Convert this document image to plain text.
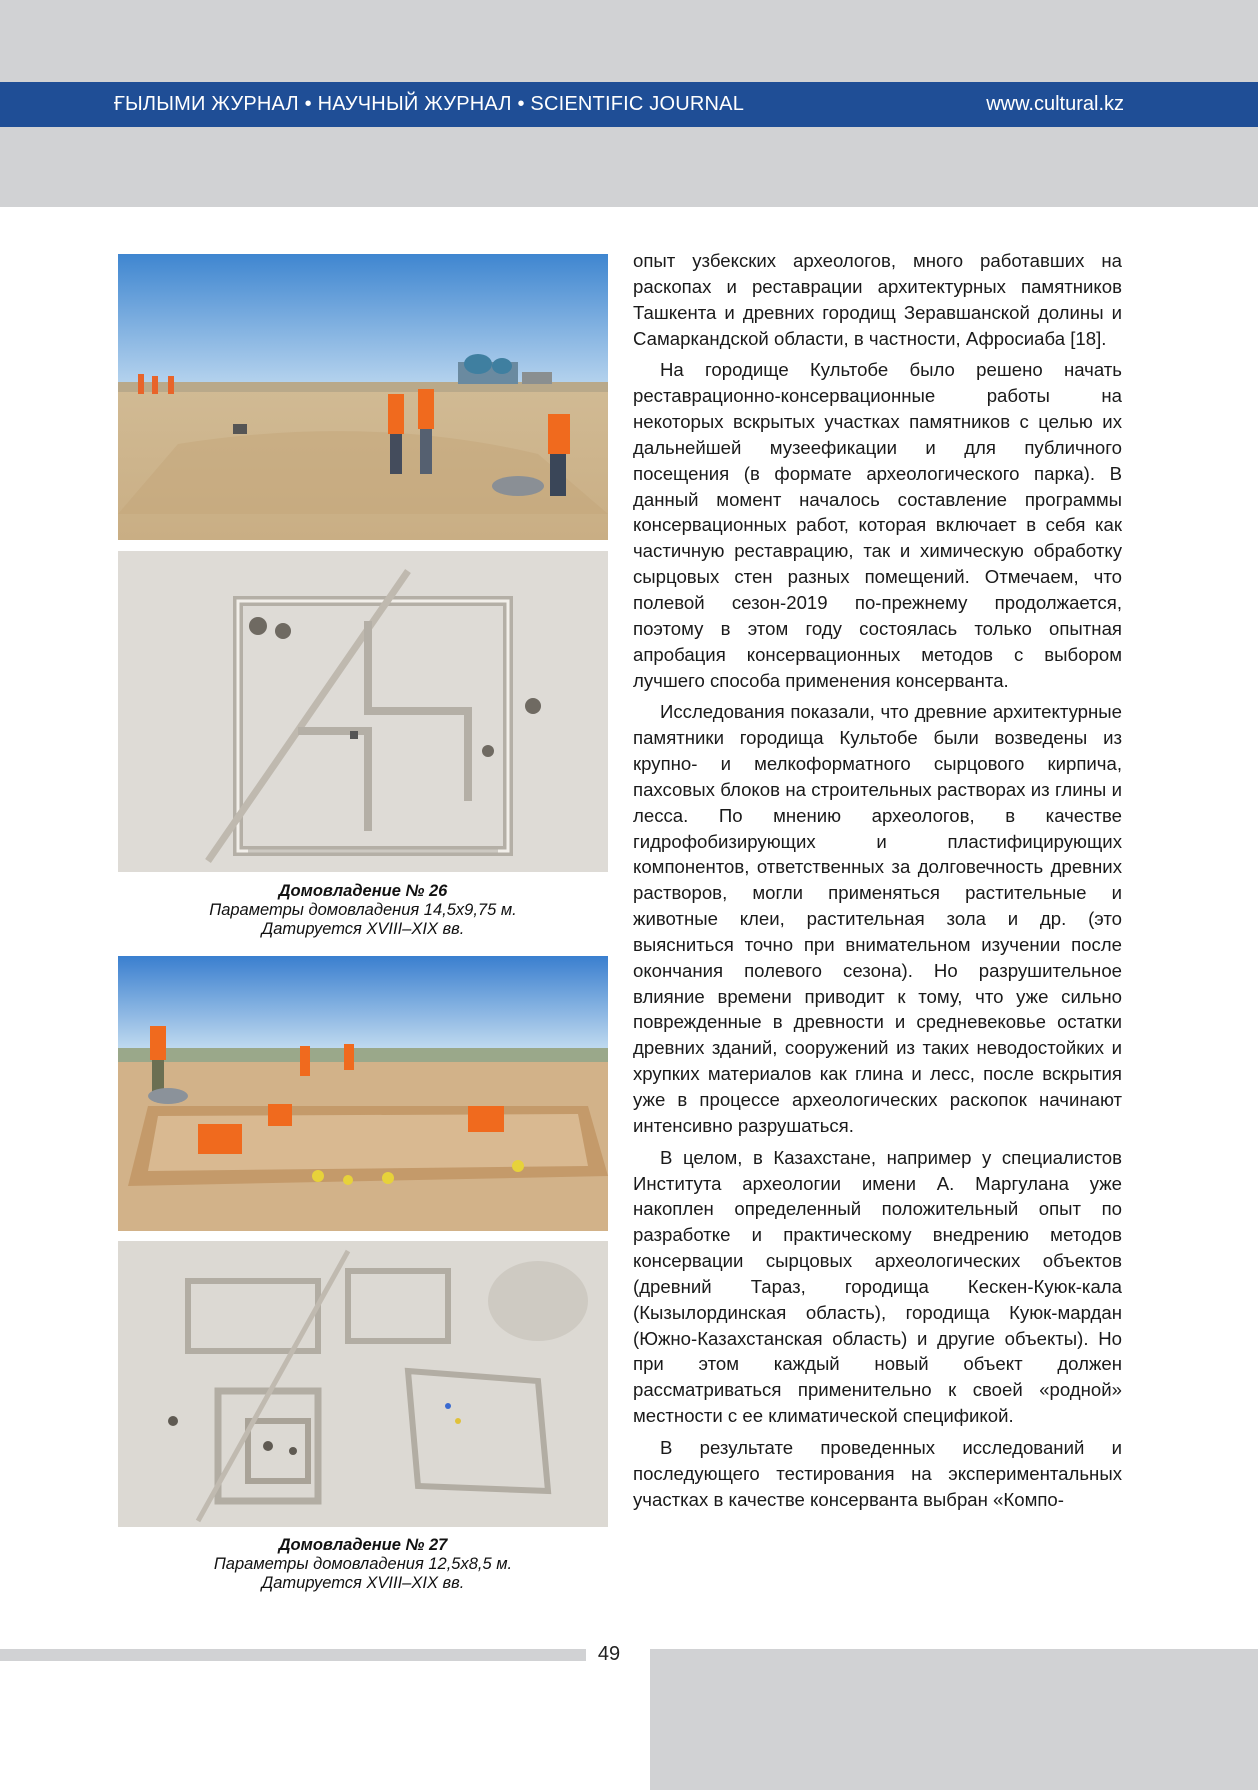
ҒЫЛЫМИ ЖУРНАЛ • НАУЧНЫЙ ЖУРНАЛ • SCIENTIFIC JOURNAL	www.cultural.kz
Домовладение № 26
Параметры домовладения 14,5х9,75 м.
Датируется XVIII–XIX вв.
Домовладение № 27
Параметры домовладения 12,5х8,5 м.
Датируется XVIII–XIX вв.

опыт узбекских археологов, много работавших на раскопах и реставрации архитектурных памятников Ташкента и древних городищ Зеравшанской долины и Самаркандской области, в частности, Афросиаба [18].

На городище Культобе было решено начать реставрационно-консервационные работы на некоторых вскрытых участках памятников с целью их дальнейшей музеефикации и для публичного посещения (в формате археологического парка). В данный момент началось составление программы консервационных работ, которая включает в себя как частичную реставрацию, так и химическую обработку сырцовых стен разных помещений. Отмечаем, что полевой сезон-2019 по-прежнему продолжается, поэтому в этом году состоялась только опытная апробация консервационных методов с выбором лучшего способа применения консерванта.

Исследования показали, что древние архитектурные памятники городища Культобе были возведены из крупно- и мелкоформатного сырцового кирпича, пахсовых блоков на строительных растворах из глины и лесса. По мнению археологов, в качестве гидрофобизирующих и пластифицирующих компонентов, ответственных за долговечность древних растворов, могли применяться растительные и животные клеи, растительная зола и др. (это выясниться точно при внимательном изучении после окончания полевого сезона). Но разрушительное влияние времени приводит к тому, что уже сильно поврежденные в древности и средневековье остатки древних зданий, сооружений из таких неводостойких и хрупких материалов как глина и лесс, после вскрытия уже в процессе археологических раскопок начинают интенсивно разрушаться.

В целом, в Казахстане, например у специалистов Института археологии имени А. Маргулана уже накоплен определенный положительный опыт по разработке и практическому внедрению методов консервации сырцовых археологических объектов (древний Тараз, городища Кескен-Куюк-кала (Кызылординская область), городища Куюк-мардан (Южно-Казахстанская область) и другие объекты). Но при этом каждый новый объект должен рассматриваться применительно к своей «родной» местности с ее климатической спецификой.

В результате проведенных исследований и последующего тестирования на экспериментальных участках в качестве консерванта выбран «Компо-

49
